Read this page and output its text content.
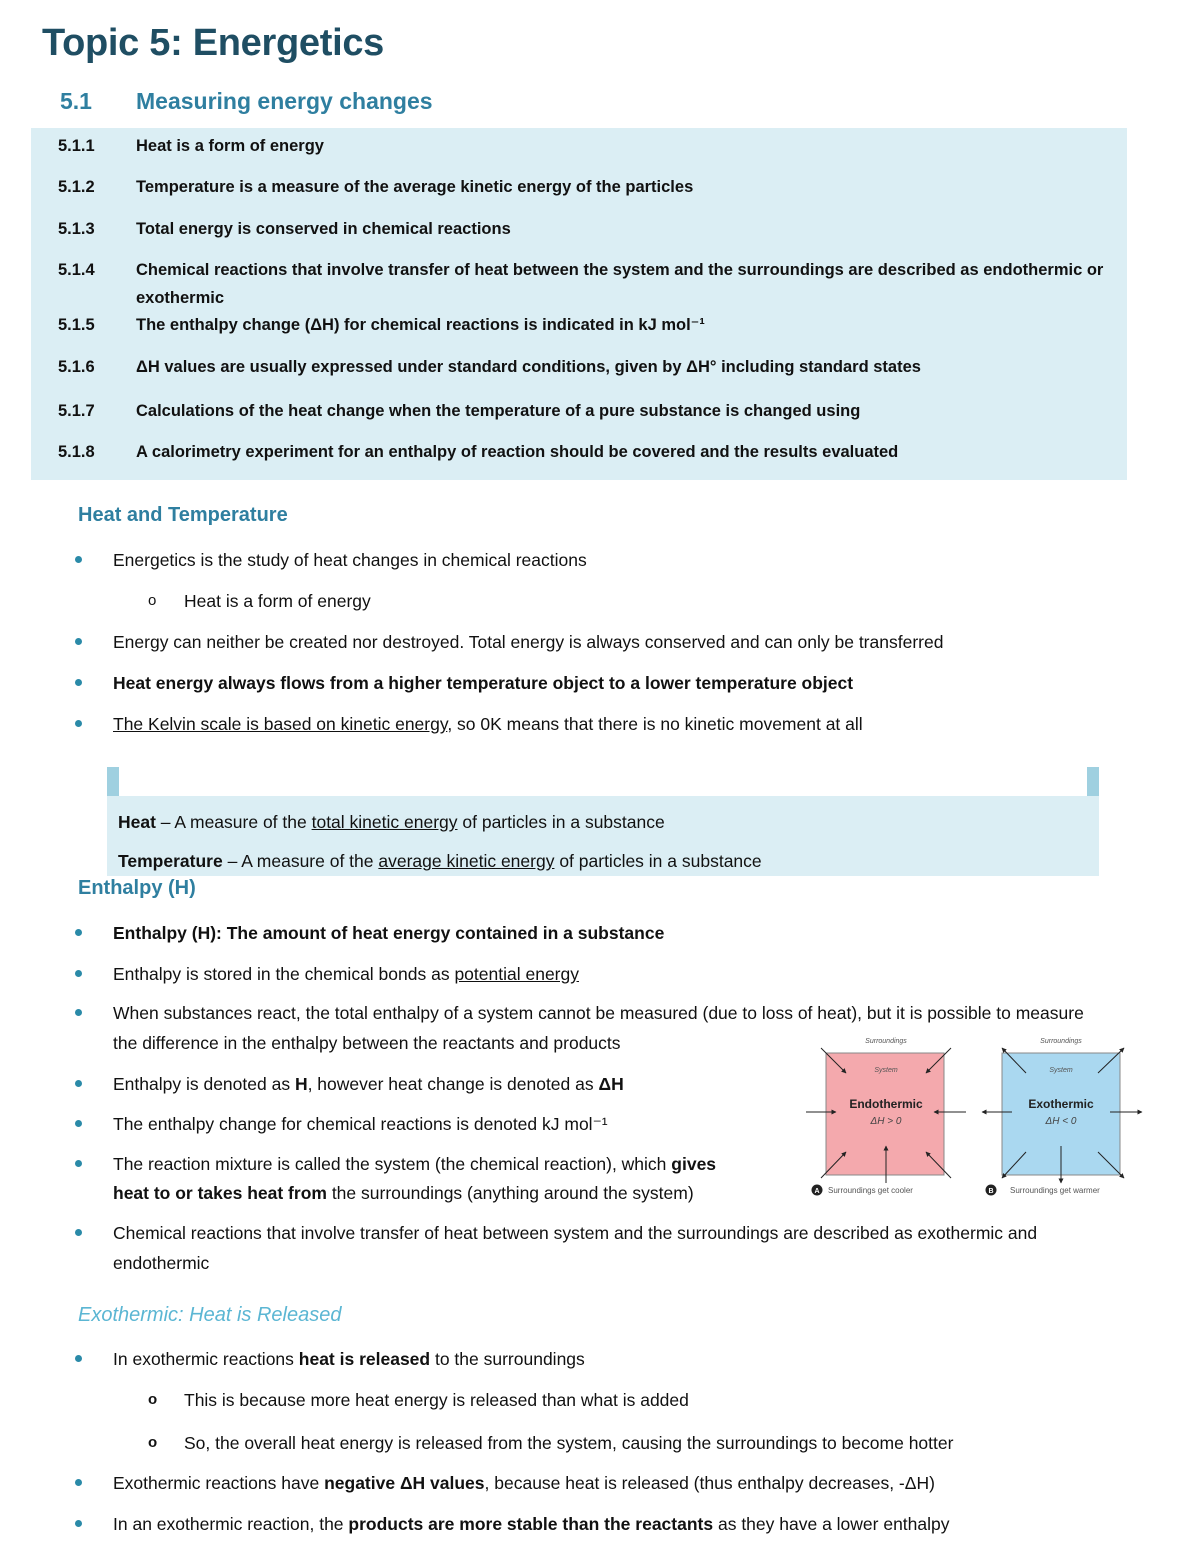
Topic 5: Energetics
5.1 Measuring energy changes
5.1.1	Heat is a form of energy
5.1.2	Temperature is a measure of the average kinetic energy of the particles
5.1.3	Total energy is conserved in chemical reactions
5.1.4	Chemical reactions that involve transfer of heat between the system and the surroundings are described as endothermic or exothermic
5.1.5	The enthalpy change (ΔH) for chemical reactions is indicated in kJ mol⁻¹
5.1.6	ΔH values are usually expressed under standard conditions, given by ΔH° including standard states
5.1.7	Calculations of the heat change when the temperature of a pure substance is changed using
5.1.8	A calorimetry experiment for an enthalpy of reaction should be covered and the results evaluated
Heat and Temperature
Energetics is the study of heat changes in chemical reactions
o Heat is a form of energy
Energy can neither be created nor destroyed. Total energy is always conserved and can only be transferred
Heat energy always flows from a higher temperature object to a lower temperature object
The Kelvin scale is based on kinetic energy, so 0K means that there is no kinetic movement at all
Heat – A measure of the total kinetic energy of particles in a substance
Temperature – A measure of the average kinetic energy of particles in a substance
Enthalpy (H)
Enthalpy (H): The amount of heat energy contained in a substance
Enthalpy is stored in the chemical bonds as potential energy
When substances react, the total enthalpy of a system cannot be measured (due to loss of heat), but it is possible to measure
the difference in the enthalpy between the reactants and products
Enthalpy is denoted as H, however heat change is denoted as ΔH
The enthalpy change for chemical reactions is denoted kJ mol⁻¹
The reaction mixture is called the system (the chemical reaction), which gives
heat to or takes heat from the surroundings (anything around the system)
Chemical reactions that involve transfer of heat between system and the surroundings are described as exothermic and
endothermic
Surroundings
System
Endothermic
ΔH > 0
A Surroundings get cooler
Surroundings
System
Exothermic
ΔH < 0
B Surroundings get warmer
Exothermic: Heat is Released
In exothermic reactions heat is released to the surroundings
o This is because more heat energy is released than what is added
o So, the overall heat energy is released from the system, causing the surroundings to become hotter
Exothermic reactions have negative ΔH values, because heat is released (thus enthalpy decreases, -ΔH)
In an exothermic reaction, the products are more stable than the reactants as they have a lower enthalpy
